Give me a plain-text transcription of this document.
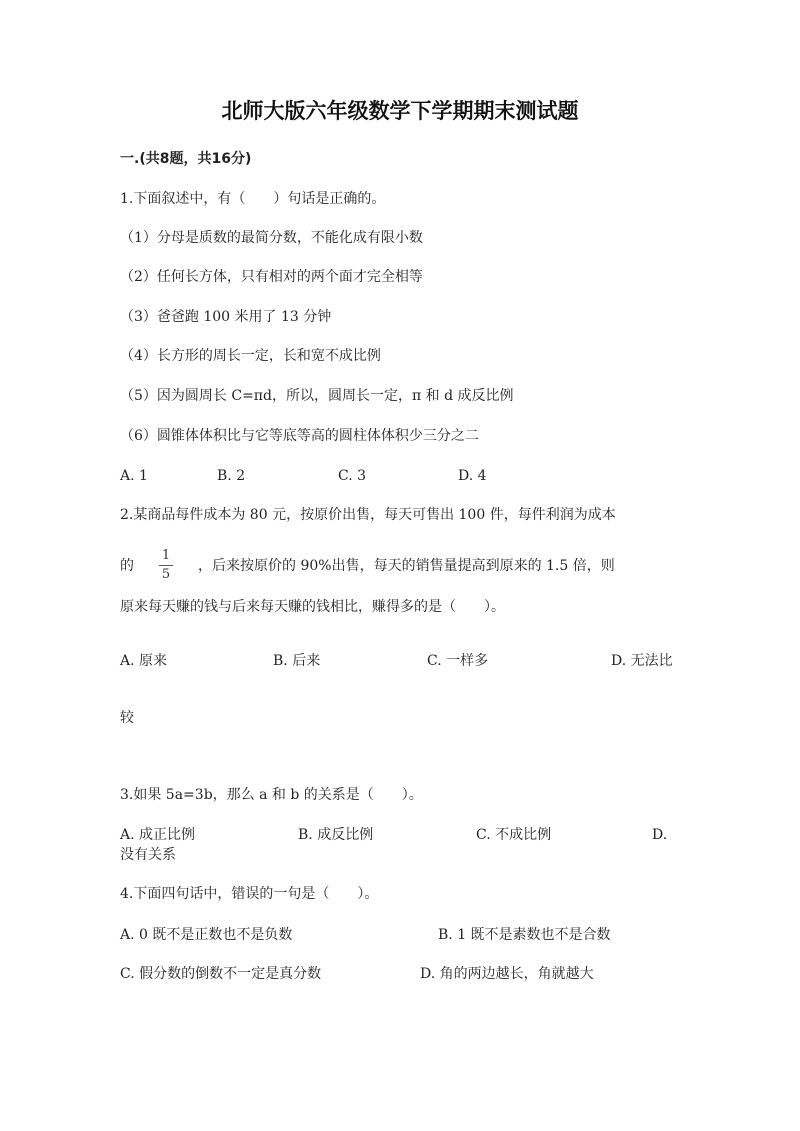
北师大版六年级数学下学期期末测试题
一.(共8题，共16分)
1.下面叙述中，有（　　）句话是正确的。
（1）分母是质数的最简分数，不能化成有限小数
（2）任何长方体，只有相对的两个面才完全相等
（3）爸爸跑 100 米用了 13 分钟
（4）长方形的周长一定，长和宽不成比例
（5）因为圆周长 C=πd，所以，圆周长一定，π 和 d 成反比例
（6）圆锥体体积比与它等底等高的圆柱体体积少三分之二
A. 1	B. 2	C. 3	D. 4
2.某商品每件成本为 80 元，按原价出售，每天可售出 100 件，每件利润为成本
的
1
5
，后来按原价的 90%出售，每天的销售量提高到原来的 1.5 倍，则
原来每天赚的钱与后来每天赚的钱相比，赚得多的是（　　）。
A. 原来	B. 后来	C. 一样多	D. 无法比
较
3.如果 5a=3b，那么 a 和 b 的关系是（　　）。
A. 成正比例	B. 成反比例	C. 不成比例	D.
没有关系
4.下面四句话中，错误的一句是（　　）。
A. 0 既不是正数也不是负数	B. 1 既不是素数也不是合数
C. 假分数的倒数不一定是真分数	D. 角的两边越长，角就越大
